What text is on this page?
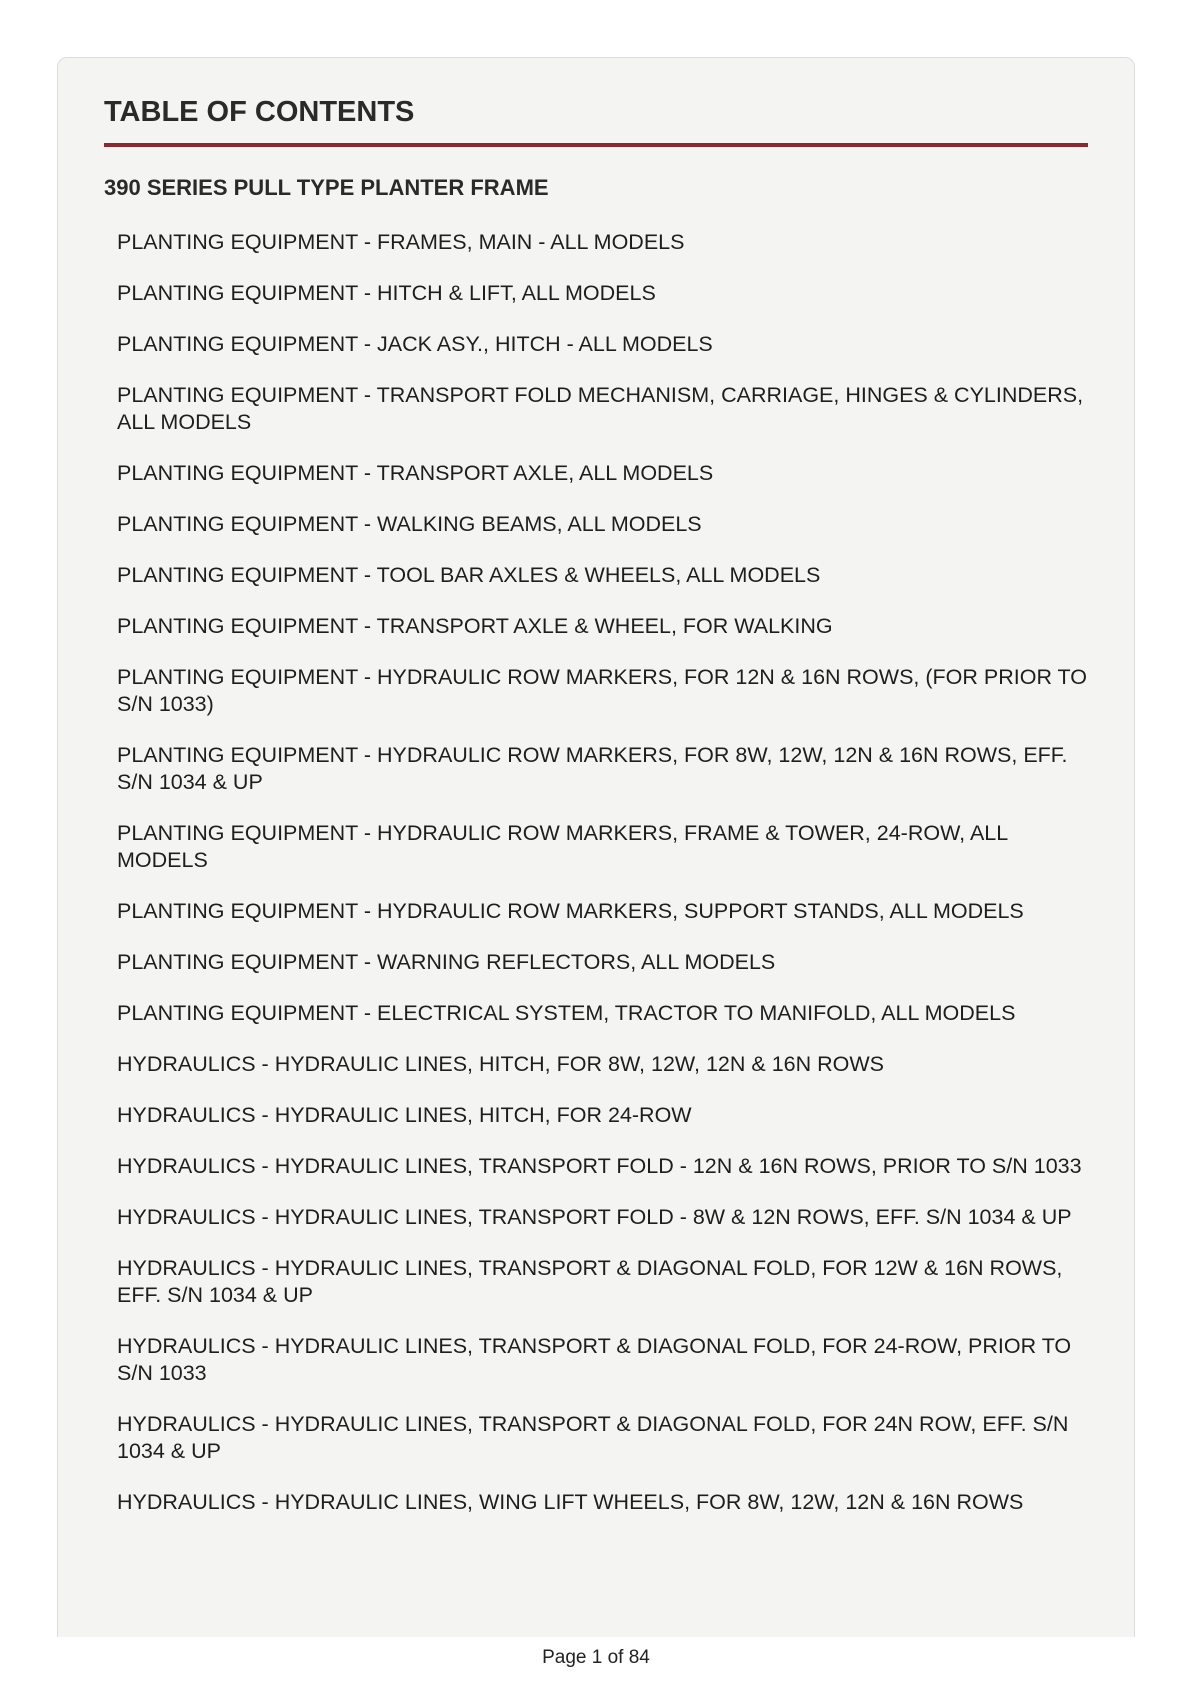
TABLE OF CONTENTS
390 SERIES PULL TYPE PLANTER FRAME
PLANTING EQUIPMENT - FRAMES, MAIN - ALL MODELS
PLANTING EQUIPMENT - HITCH & LIFT, ALL MODELS
PLANTING EQUIPMENT - JACK ASY., HITCH - ALL MODELS
PLANTING EQUIPMENT - TRANSPORT FOLD MECHANISM, CARRIAGE, HINGES & CYLINDERS, ALL MODELS
PLANTING EQUIPMENT - TRANSPORT AXLE, ALL MODELS
PLANTING EQUIPMENT - WALKING BEAMS, ALL MODELS
PLANTING EQUIPMENT - TOOL BAR AXLES & WHEELS, ALL MODELS
PLANTING EQUIPMENT - TRANSPORT AXLE & WHEEL, FOR WALKING
PLANTING EQUIPMENT - HYDRAULIC ROW MARKERS, FOR 12N & 16N ROWS, (FOR PRIOR TO S/N 1033)
PLANTING EQUIPMENT - HYDRAULIC ROW MARKERS, FOR 8W, 12W, 12N & 16N ROWS, EFF. S/N 1034 & UP
PLANTING EQUIPMENT - HYDRAULIC ROW MARKERS, FRAME & TOWER, 24-ROW, ALL MODELS
PLANTING EQUIPMENT - HYDRAULIC ROW MARKERS, SUPPORT STANDS, ALL MODELS
PLANTING EQUIPMENT - WARNING REFLECTORS, ALL MODELS
PLANTING EQUIPMENT - ELECTRICAL SYSTEM, TRACTOR TO MANIFOLD, ALL MODELS
HYDRAULICS - HYDRAULIC LINES, HITCH, FOR 8W, 12W, 12N & 16N ROWS
HYDRAULICS - HYDRAULIC LINES, HITCH, FOR 24-ROW
HYDRAULICS - HYDRAULIC LINES, TRANSPORT FOLD - 12N & 16N ROWS, PRIOR TO S/N 1033
HYDRAULICS - HYDRAULIC LINES, TRANSPORT FOLD - 8W & 12N ROWS, EFF. S/N 1034 & UP
HYDRAULICS - HYDRAULIC LINES, TRANSPORT & DIAGONAL FOLD, FOR 12W & 16N ROWS, EFF. S/N 1034 & UP
HYDRAULICS - HYDRAULIC LINES, TRANSPORT & DIAGONAL FOLD, FOR 24-ROW, PRIOR TO S/N 1033
HYDRAULICS - HYDRAULIC LINES, TRANSPORT & DIAGONAL FOLD, FOR 24N ROW, EFF. S/N 1034 & UP
HYDRAULICS - HYDRAULIC LINES, WING LIFT WHEELS, FOR 8W, 12W, 12N & 16N ROWS
Page 1 of 84
